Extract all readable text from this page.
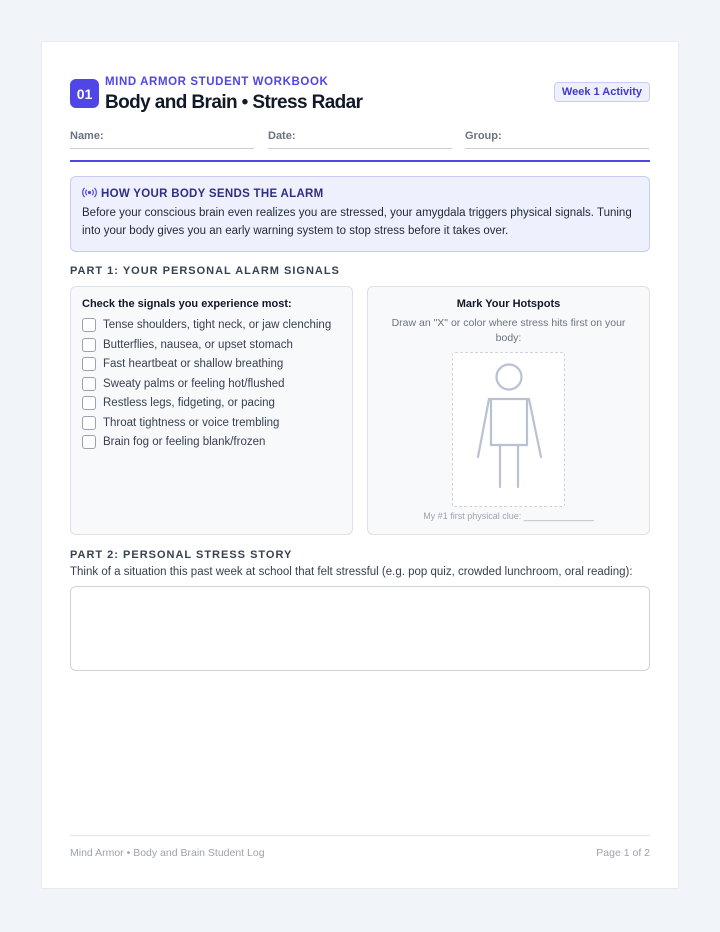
01
MIND ARMOR STUDENT WORKBOOK
Body and Brain • Stress Radar	Week 1 Activity
Name:	Date:	Group:
HOW YOUR BODY SENDS THE ALARM
Before your conscious brain even realizes you are stressed, your amygdala triggers physical signals. Tuning into your body gives you an early warning system to stop stress before it takes over.
PART 1: YOUR PERSONAL ALARM SIGNALS
Check the signals you experience most:
Tense shoulders, tight neck, or jaw clenching
Butterflies, nausea, or upset stomach
Fast heartbeat or shallow breathing
Sweaty palms or feeling hot/flushed
Restless legs, fidgeting, or pacing
Throat tightness or voice trembling
Brain fog or feeling blank/frozen
Mark Your Hotspots
Draw an "X" or color where stress hits first on your body:
My #1 first physical clue: ______________
PART 2: PERSONAL STRESS STORY
Think of a situation this past week at school that felt stressful (e.g. pop quiz, crowded lunchroom, oral reading):
Mind Armor • Body and Brain Student Log	Page 1 of 2
